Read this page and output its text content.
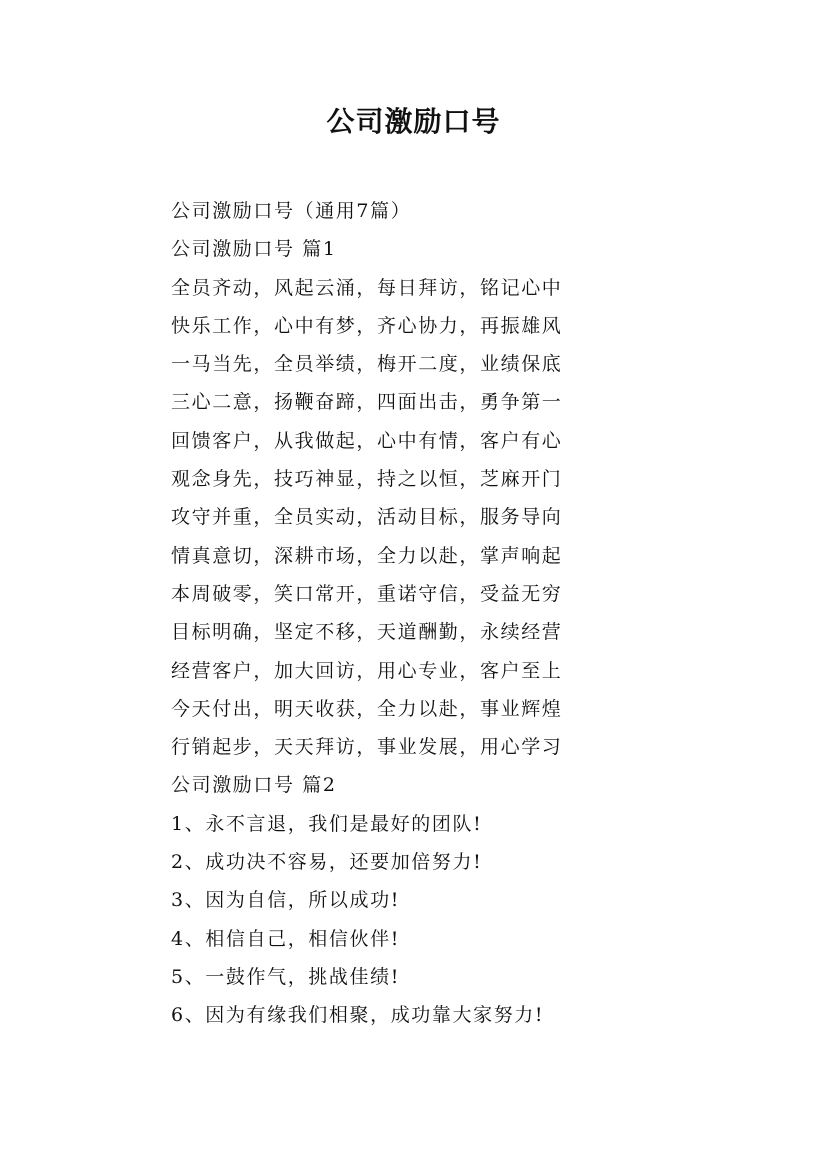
公司激励口号
公司激励口号（通用7篇）
公司激励口号 篇1
全员齐动，风起云涌，每日拜访，铭记心中
快乐工作，心中有梦，齐心协力，再振雄风
一马当先，全员举绩，梅开二度，业绩保底
三心二意，扬鞭奋蹄，四面出击，勇争第一
回馈客户，从我做起，心中有情，客户有心
观念身先，技巧神显，持之以恒，芝麻开门
攻守并重，全员实动，活动目标，服务导向
情真意切，深耕市场，全力以赴，掌声响起
本周破零，笑口常开，重诺守信，受益无穷
目标明确，坚定不移，天道酬勤，永续经营
经营客户，加大回访，用心专业，客户至上
今天付出，明天收获，全力以赴，事业辉煌
行销起步，天天拜访，事业发展，用心学习
公司激励口号 篇2
1、永不言退，我们是最好的团队!
2、成功决不容易，还要加倍努力!
3、因为自信，所以成功!
4、相信自己，相信伙伴!
5、一鼓作气，挑战佳绩!
6、因为有缘我们相聚，成功靠大家努力!
